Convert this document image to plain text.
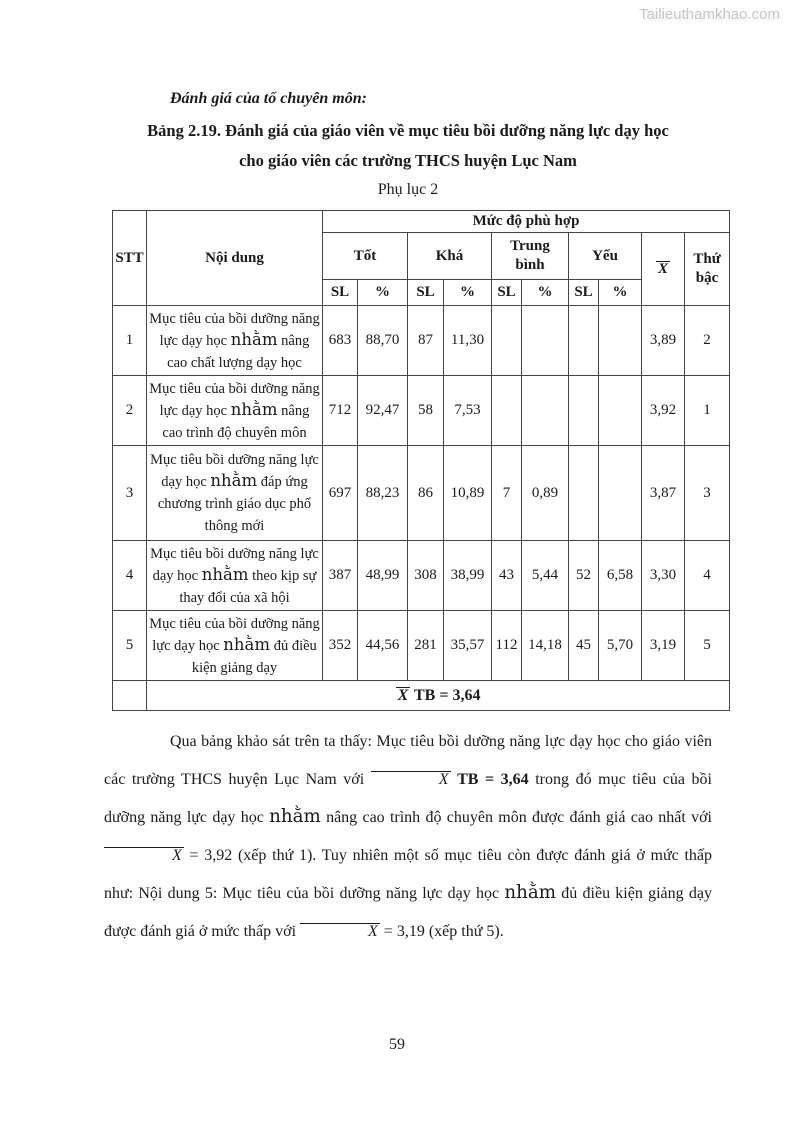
Tailieuthamkhao.com

Đánh giá của tổ chuyên môn:

Bảng 2.19. Đánh giá của giáo viên về mục tiêu bồi dưỡng năng lực dạy học

cho giáo viên các trường THCS huyện Lục Nam

Phụ lục 2

STT	Nội dung	Mức độ phù hợp									
		Tốt		Khá		Trung bình		Yếu		X	Thứ bậc
		SL	%	SL	%	SL	%	SL	%		
1	Mục tiêu của bồi dưỡng năng lực dạy học nhằm nâng cao chất lượng dạy học	683	88,70	87	11,30					3,89	2
2	Mục tiêu của bồi dưỡng năng lực dạy học nhằm nâng cao trình độ chuyên môn	712	92,47	58	7,53					3,92	1
3	Mục tiêu bồi dưỡng năng lực dạy học nhằm đáp ứng chương trình giáo dục phổ thông mới	697	88,23	86	10,89	7	0,89			3,87	3
4	Mục tiêu bồi dưỡng năng lực dạy học nhằm theo kịp sự thay đổi của xã hội	387	48,99	308	38,99	43	5,44	52	6,58	3,30	4
5	Mục tiêu của bồi dưỡng năng lực dạy học nhằm đủ điều kiện giảng dạy	352	44,56	281	35,57	112	14,18	45	5,70	3,19	5
	X TB = 3,64										

Qua bảng khảo sát trên ta thấy: Mục tiêu bồi dưỡng năng lực dạy học cho giáo viên các trường THCS huyện Lục Nam với	X TB = 3,64 trong đó mục tiêu của bồi dưỡng năng lực dạy học nhằm nâng cao trình độ chuyên môn được đánh giá cao nhất với X = 3,92 (xếp thứ 1). Tuy nhiên một số mục tiêu còn được đánh giá ở mức thấp như: Nội dung 5: Mục tiêu của bồi dưỡng năng lực dạy học nhằm đủ điều kiện giảng dạy được đánh giá ở mức thấp với	X = 3,19 (xếp thứ 5).

59
